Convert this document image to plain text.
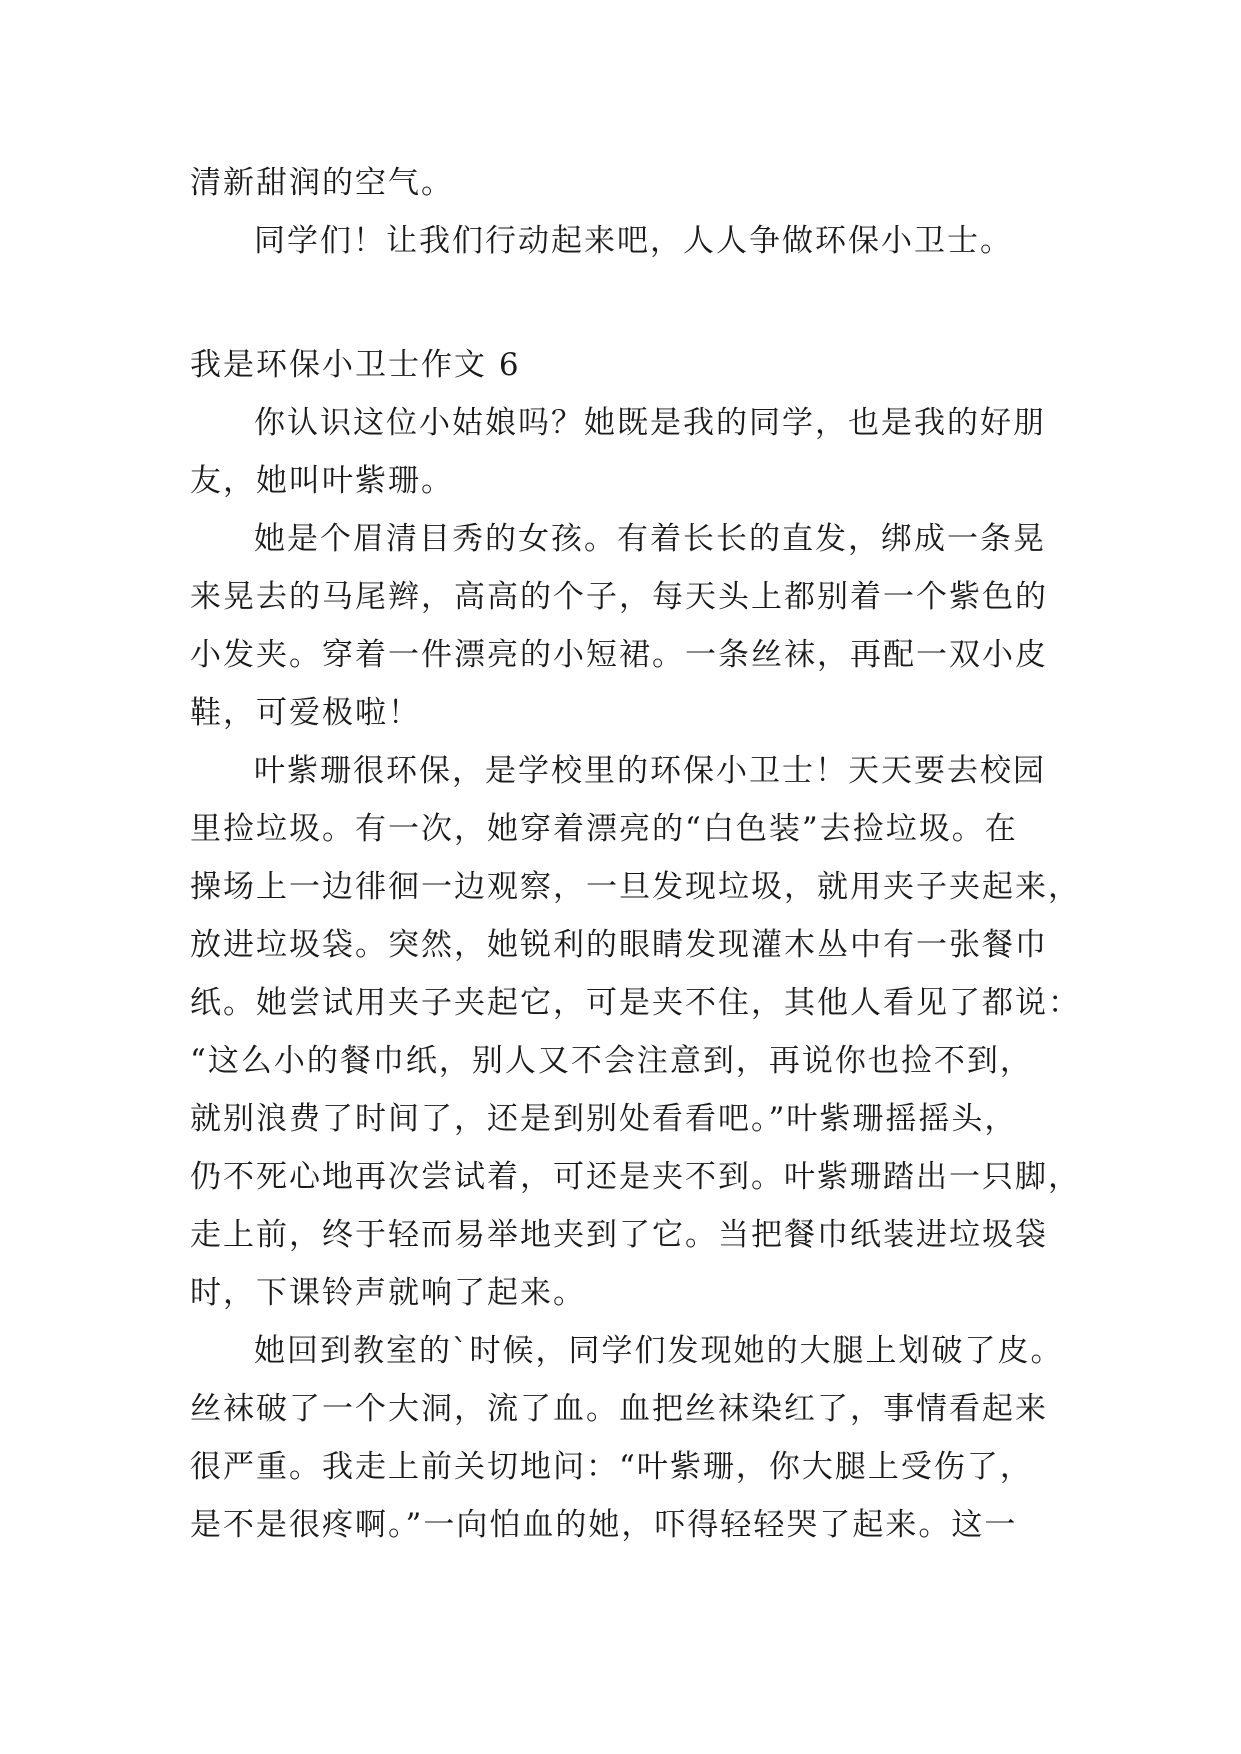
清新甜润的空气。
同学们！让我们行动起来吧，人人争做环保小卫士。
我是环保小卫士作文 6
你认识这位小姑娘吗？她既是我的同学，也是我的好朋
友，她叫叶紫珊。
她是个眉清目秀的女孩。有着长长的直发，绑成一条晃
来晃去的马尾辫，高高的个子，每天头上都别着一个紫色的
小发夹。穿着一件漂亮的小短裙。一条丝袜，再配一双小皮
鞋，可爱极啦！
叶紫珊很环保，是学校里的环保小卫士！天天要去校园
里捡垃圾。有一次，她穿着漂亮的“白色装”去捡垃圾。在
操场上一边徘徊一边观察，一旦发现垃圾，就用夹子夹起来，
放进垃圾袋。突然，她锐利的眼睛发现灌木丛中有一张餐巾
纸。她尝试用夹子夹起它，可是夹不住，其他人看见了都说：
“这么小的餐巾纸，别人又不会注意到，再说你也捡不到，
就别浪费了时间了，还是到别处看看吧。”叶紫珊摇摇头，
仍不死心地再次尝试着，可还是夹不到。叶紫珊踏出一只脚，
走上前，终于轻而易举地夹到了它。当把餐巾纸装进垃圾袋
时，下课铃声就响了起来。
她回到教室的`时候，同学们发现她的大腿上划破了皮。
丝袜破了一个大洞，流了血。血把丝袜染红了，事情看起来
很严重。我走上前关切地问：“叶紫珊，你大腿上受伤了，
是不是很疼啊。”一向怕血的她，吓得轻轻哭了起来。这一
